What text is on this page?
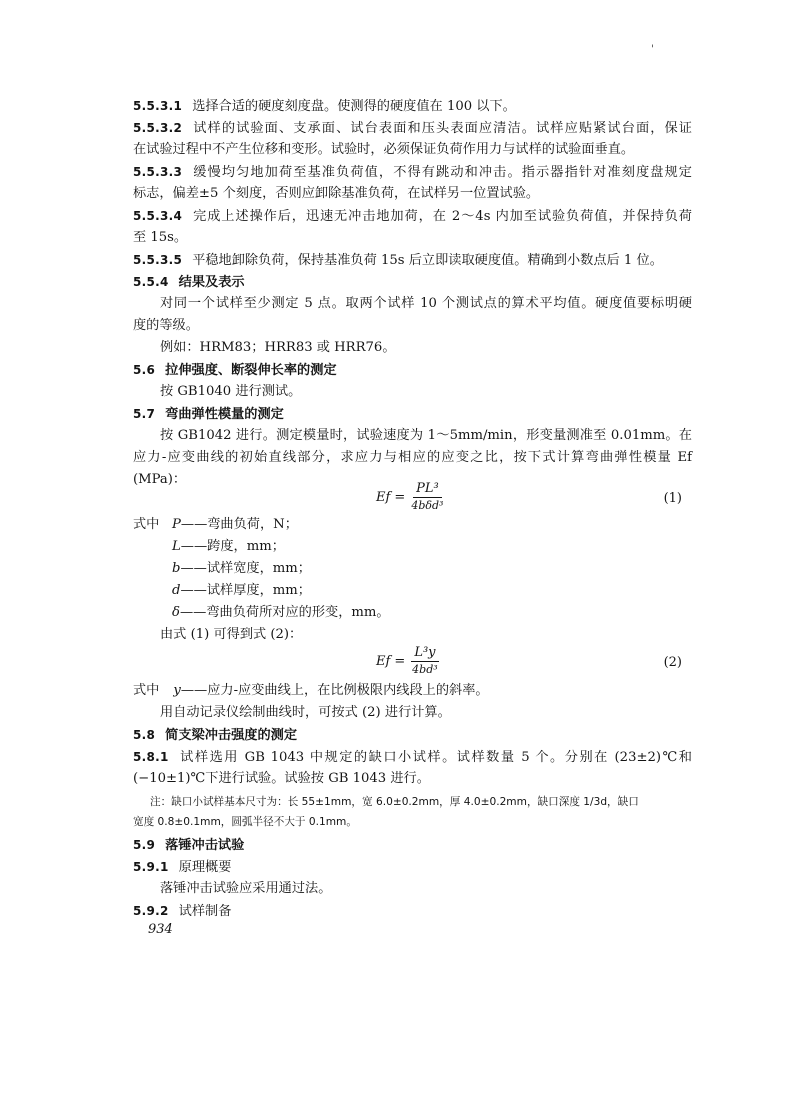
'
5.5.3.1 选择合适的硬度刻度盘。使测得的硬度值在 100 以下。
5.5.3.2 试样的试验面、支承面、试台表面和压头表面应清洁。试样应贴紧试台面，保证
在试验过程中不产生位移和变形。试验时，必须保证负荷作用力与试样的试验面垂直。
5.5.3.3 缓慢均匀地加荷至基准负荷值，不得有跳动和冲击。指示器指针对准刻度盘规定
标志，偏差±5 个刻度，否则应卸除基准负荷，在试样另一位置试验。
5.5.3.4 完成上述操作后，迅速无冲击地加荷，在 2～4s 内加至试验负荷值，并保持负荷
至 15s。
5.5.3.5 平稳地卸除负荷，保持基准负荷 15s 后立即读取硬度值。精确到小数点后 1 位。
5.5.4 结果及表示
对同一个试样至少测定 5 点。取两个试样 10 个测试点的算术平均值。硬度值要标明硬
度的等级。
例如：HRM83；HRR83 或 HRR76。
5.6 拉伸强度、断裂伸长率的测定
按 GB1040 进行测试。
5.7 弯曲弹性模量的测定
按 GB1042 进行。测定模量时，试验速度为 1～5mm/min，形变量测准至 0.01mm。在
应力-应变曲线的初始直线部分，求应力与相应的应变之比，按下式计算弯曲弹性模量 Ef
(MPa)：
$Ef = \frac{\text{PL³}}{\text{4bδd³}}$	(1)
式中 P——弯曲负荷，N；
L——跨度，mm；
b——试样宽度，mm；
d——试样厚度，mm；
δ——弯曲负荷所对应的形变，mm。
由式 (1) 可得到式 (2)：
$Ef = \frac{\text{L³y}}{\text{4bd³}}$	(2)
式中 y——应力-应变曲线上，在比例极限内线段上的斜率。
用自动记录仪绘制曲线时，可按式 (2) 进行计算。
5.8 简支梁冲击强度的测定
5.8.1 试样选用 GB 1043 中规定的缺口小试样。试样数量 5 个。分别在 (23±2)℃和
(−10±1)℃下进行试验。试验按 GB 1043 进行。
注：缺口小试样基本尺寸为：长 55±1mm，宽 6.0±0.2mm，厚 4.0±0.2mm，缺口深度 1/3d，缺口
宽度 0.8±0.1mm，圆弧半径不大于 0.1mm。
5.9 落锤冲击试验
5.9.1 原理概要
落锤冲击试验应采用通过法。
5.9.2 试样制备
934
